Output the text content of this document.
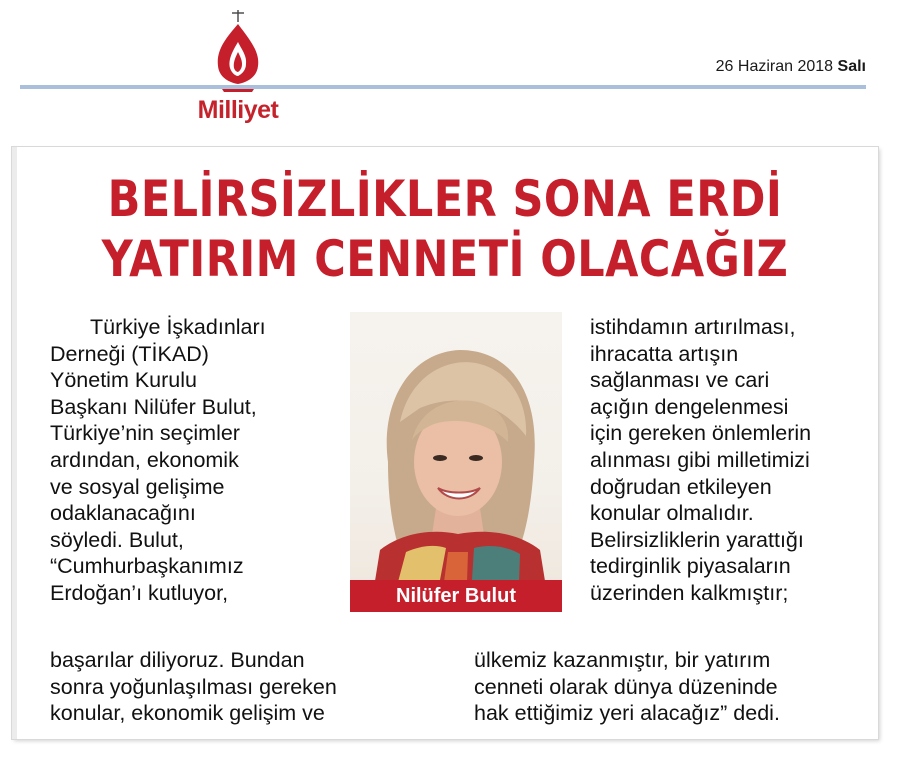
Milliyet
26 Haziran 2018 Salı
BELİRSİZLİKLER SONA ERDİ
YATIRIM CENNETİ OLACAĞIZ
Türkiye İşkadınları
Derneği (TİKAD)
Yönetim Kurulu
Başkanı Nilüfer Bulut,
Türkiye’nin seçimler
ardından, ekonomik
ve sosyal gelişime
odaklanacağını
söyledi. Bulut,
“Cumhurbaşkanımız
Erdoğan’ı kutluyor,	Nilüfer Bulut
istihdamın artırılması,
ihracatta artışın
sağlanması ve cari
açığın dengelenmesi
için gereken önlemlerin
alınması gibi milletimizi
doğrudan etkileyen
konular olmalıdır.
Belirsizliklerin yarattığı
tedirginlik piyasaların
üzerinden kalkmıştır;
başarılar diliyoruz. Bundan
sonra yoğunlaşılması gereken
konular, ekonomik gelişim ve
ülkemiz kazanmıştır, bir yatırım
cenneti olarak dünya düzeninde
hak ettiğimiz yeri alacağız” dedi.
